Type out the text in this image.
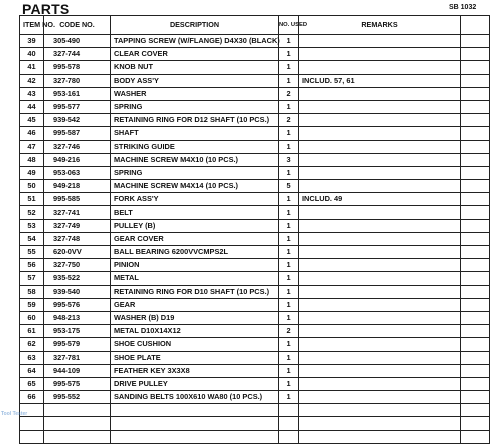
PARTS	SB 1032
ITEM NO.	CODE NO.	DESCRIPTION	NO. USED	REMARKS	
39	305-490	TAPPING SCREW (W/FLANGE) D4X30 (BLACK)	1		
40	327-744	CLEAR COVER	1		
41	995-578	KNOB NUT	1		
42	327-780	BODY ASS'Y	1	INCLUD. 57, 61	
43	953-161	WASHER	2		
44	995-577	SPRING	1		
45	939-542	RETAINING RING FOR D12 SHAFT (10 PCS.)	2		
46	995-587	SHAFT	1		
47	327-746	STRIKING GUIDE	1		
48	949-216	MACHINE SCREW M4X10 (10 PCS.)	3		
49	953-063	SPRING	1		
50	949-218	MACHINE SCREW M4X14 (10 PCS.)	5		
51	995-585	FORK ASS'Y	1	INCLUD. 49	
52	327-741	BELT	1		
53	327-749	PULLEY (B)	1		
54	327-748	GEAR COVER	1		
55	620-0VV	BALL BEARING 6200VVCMPS2L	1		
56	327-750	PINION	1		
57	935-522	METAL	1		
58	939-540	RETAINING RING FOR D10 SHAFT (10 PCS.)	1		
59	995-576	GEAR	1		
60	948-213	WASHER (B) D19	1		
61	953-175	METAL D10X14X12	2		
62	995-579	SHOE CUSHION	1		
63	327-781	SHOE PLATE	1		
64	944-109	FEATHER KEY 3X3X8	1		
65	995-575	DRIVE PULLEY	1		
66	995-552	SANDING BELTS 100X610 WA80 (10 PCS.)	1		

Tool Tester
